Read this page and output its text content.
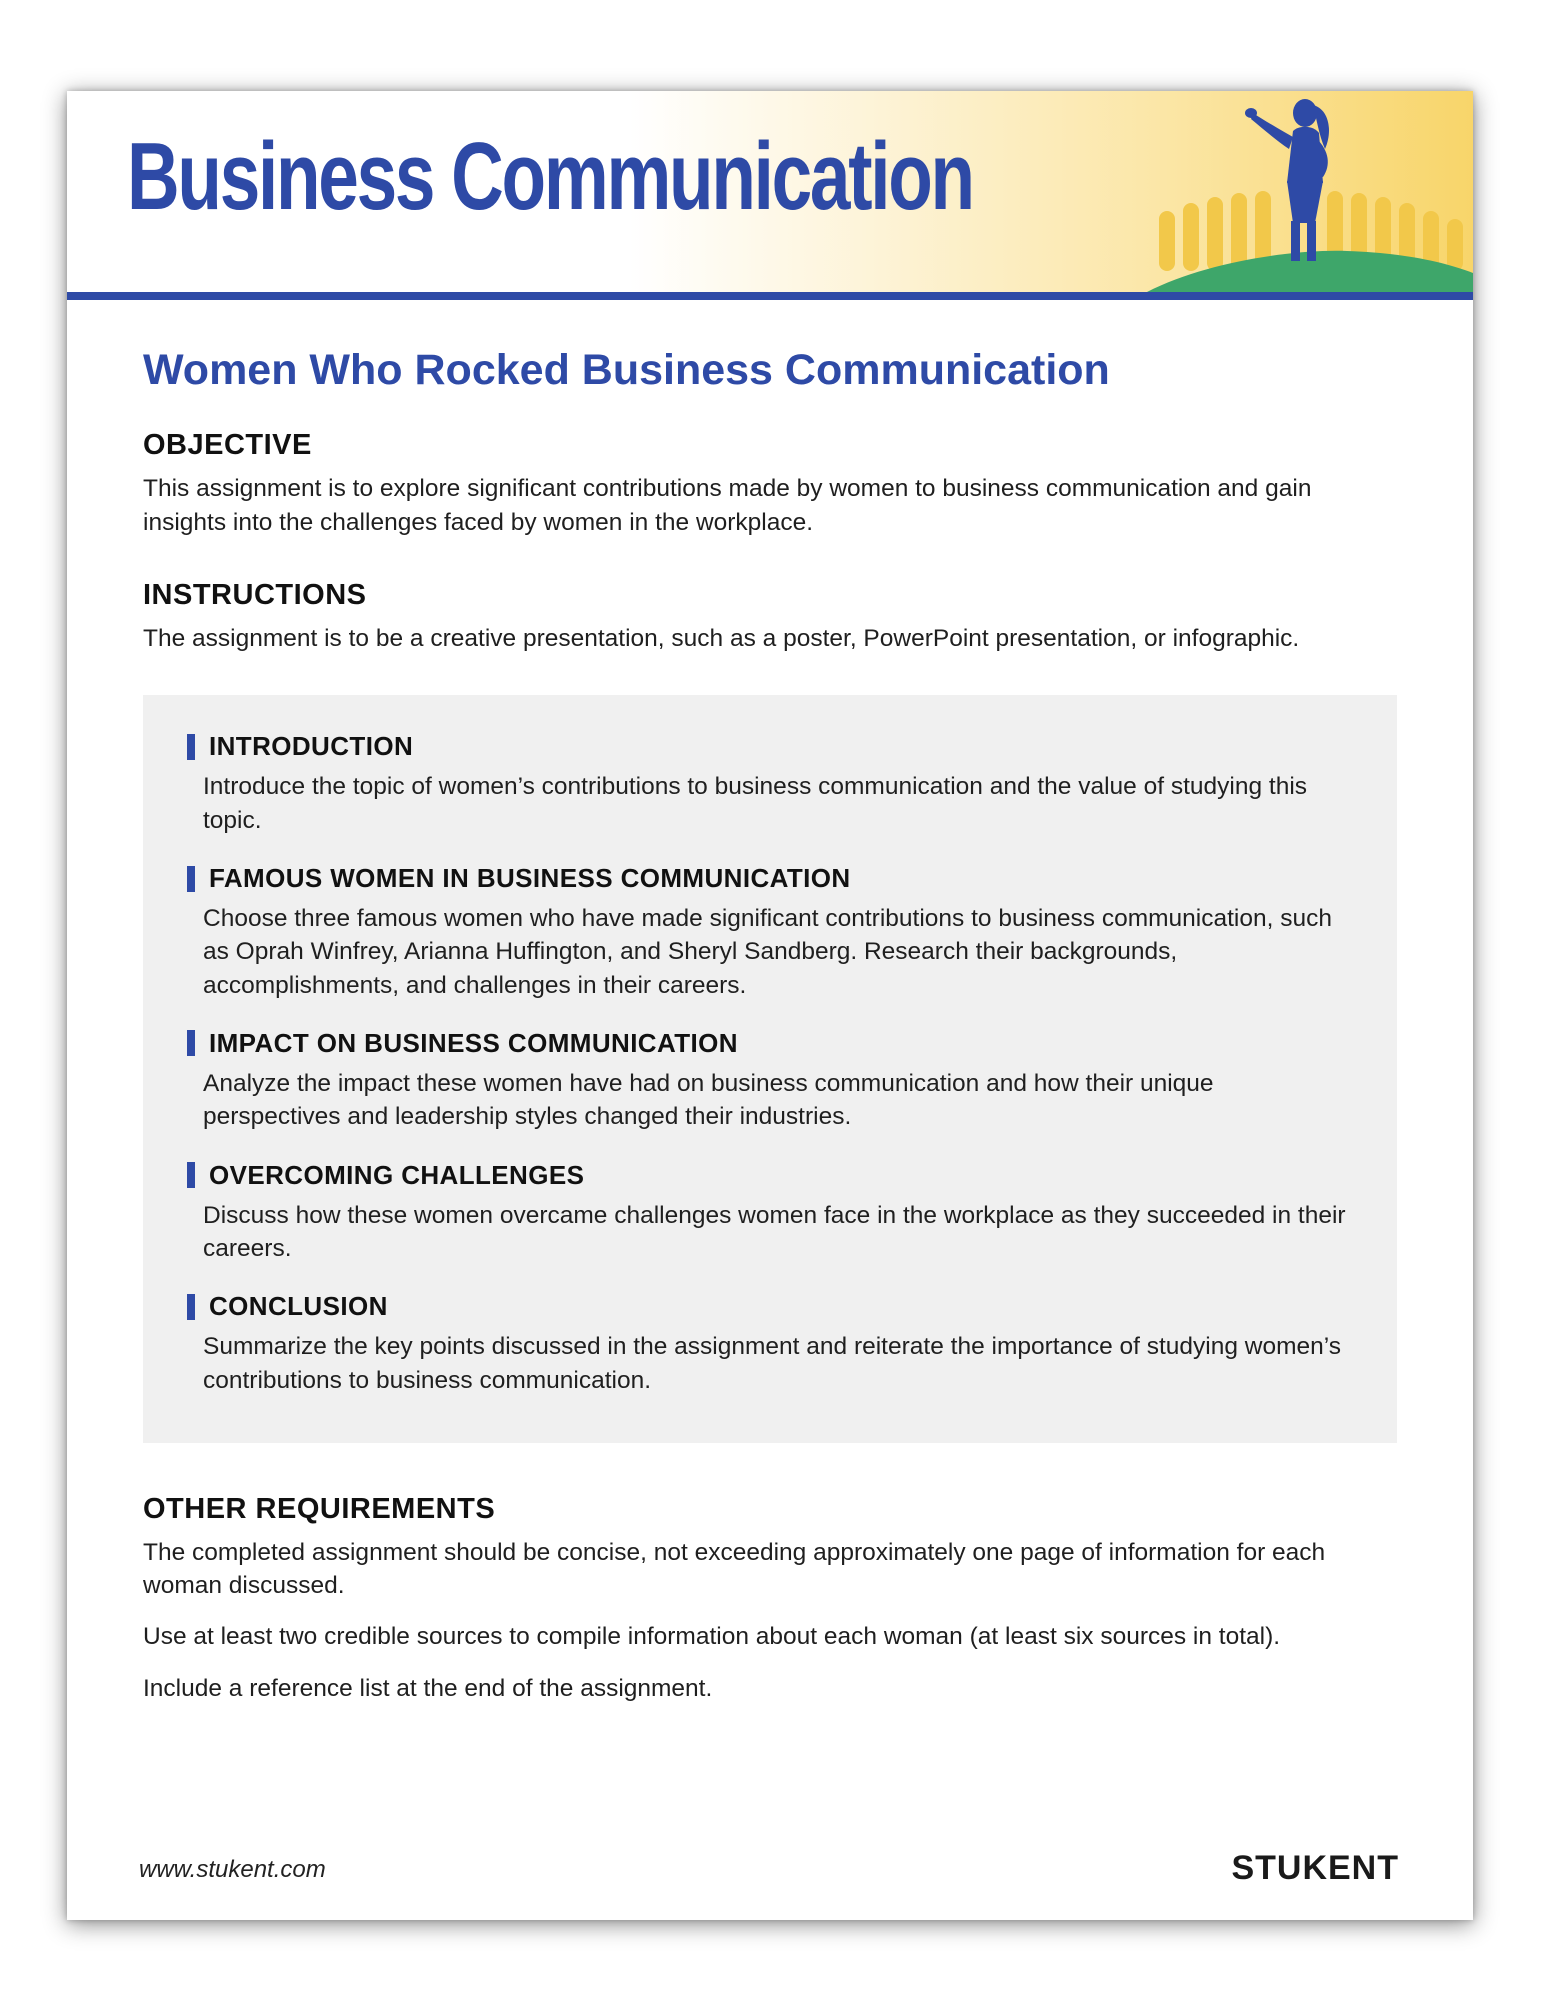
Business Communication
Women Who Rocked Business Communication
OBJECTIVE

This assignment is to explore significant contributions made by women to business communication and gain insights into the challenges faced by women in the workplace.

INSTRUCTIONS

The assignment is to be a creative presentation, such as a poster, PowerPoint presentation, or infographic.

INTRODUCTION

Introduce the topic of women’s contributions to business communication and the value of studying this topic.

FAMOUS WOMEN IN BUSINESS COMMUNICATION

Choose three famous women who have made significant contributions to business communication, such as Oprah Winfrey, Arianna Huffington, and Sheryl Sandberg. Research their backgrounds, accomplishments, and challenges in their careers.

IMPACT ON BUSINESS COMMUNICATION

Analyze the impact these women have had on business communication and how their unique perspectives and leadership styles changed their industries.

OVERCOMING CHALLENGES

Discuss how these women overcame challenges women face in the workplace as they succeeded in their careers.

CONCLUSION

Summarize the key points discussed in the assignment and reiterate the importance of studying women’s contributions to business communication.

OTHER REQUIREMENTS

The completed assignment should be concise, not exceeding approximately one page of information for each woman discussed.

Use at least two credible sources to compile information about each woman (at least six sources in total).

Include a reference list at the end of the assignment.

www.stukent.com	STUKENT
